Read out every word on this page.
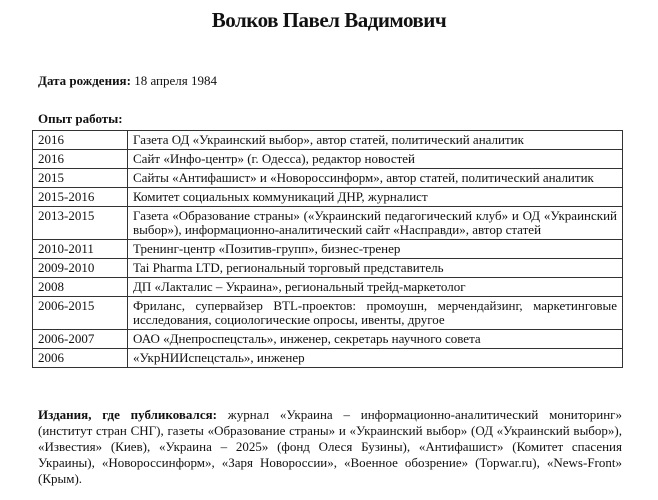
Волков Павел Вадимович
Дата рождения: 18 апреля 1984
Опыт работы:
2016	Газета ОД «Украинский выбор», автор статей, политический аналитик
2016	Сайт «Инфо-центр» (г. Одесса), редактор новостей
2015	Сайты «Антифашист» и «Новороссинформ», автор статей, политический аналитик
2015-2016	Комитет социальных коммуникаций ДНР, журналист
2013-2015	Газета «Образование страны» («Украинский педагогический клуб» и ОД «Украинский выбор»), информационно-аналитический сайт «Насправди», автор статей
2010-2011	Тренинг-центр «Позитив-групп», бизнес-тренер
2009-2010	Tai Pharma LTD, региональный торговый представитель
2008	ДП «Лакталис – Украина», региональный трейд-маркетолог
2006-2015	Фриланс, супервайзер BTL-проектов: промоушн, мерчендайзинг, маркетинговые исследования, социологические опросы, ивенты, другое
2006-2007	ОАО «Днепроспецсталь», инженер, секретарь научного совета
2006	«УкрНИИспецсталь», инженер
Издания, где публиковался: журнал «Украина – информационно-аналитический мониторинг» (институт стран СНГ), газеты «Образование страны» и «Украинский выбор» (ОД «Украинский выбор»), «Известия» (Киев), «Украина – 2025» (фонд Олеся Бузины), «Антифашист» (Комитет спасения Украины), «Новороссинформ», «Заря Новороссии», «Военное обозрение» (Topwar.ru), «News-Front» (Крым).
